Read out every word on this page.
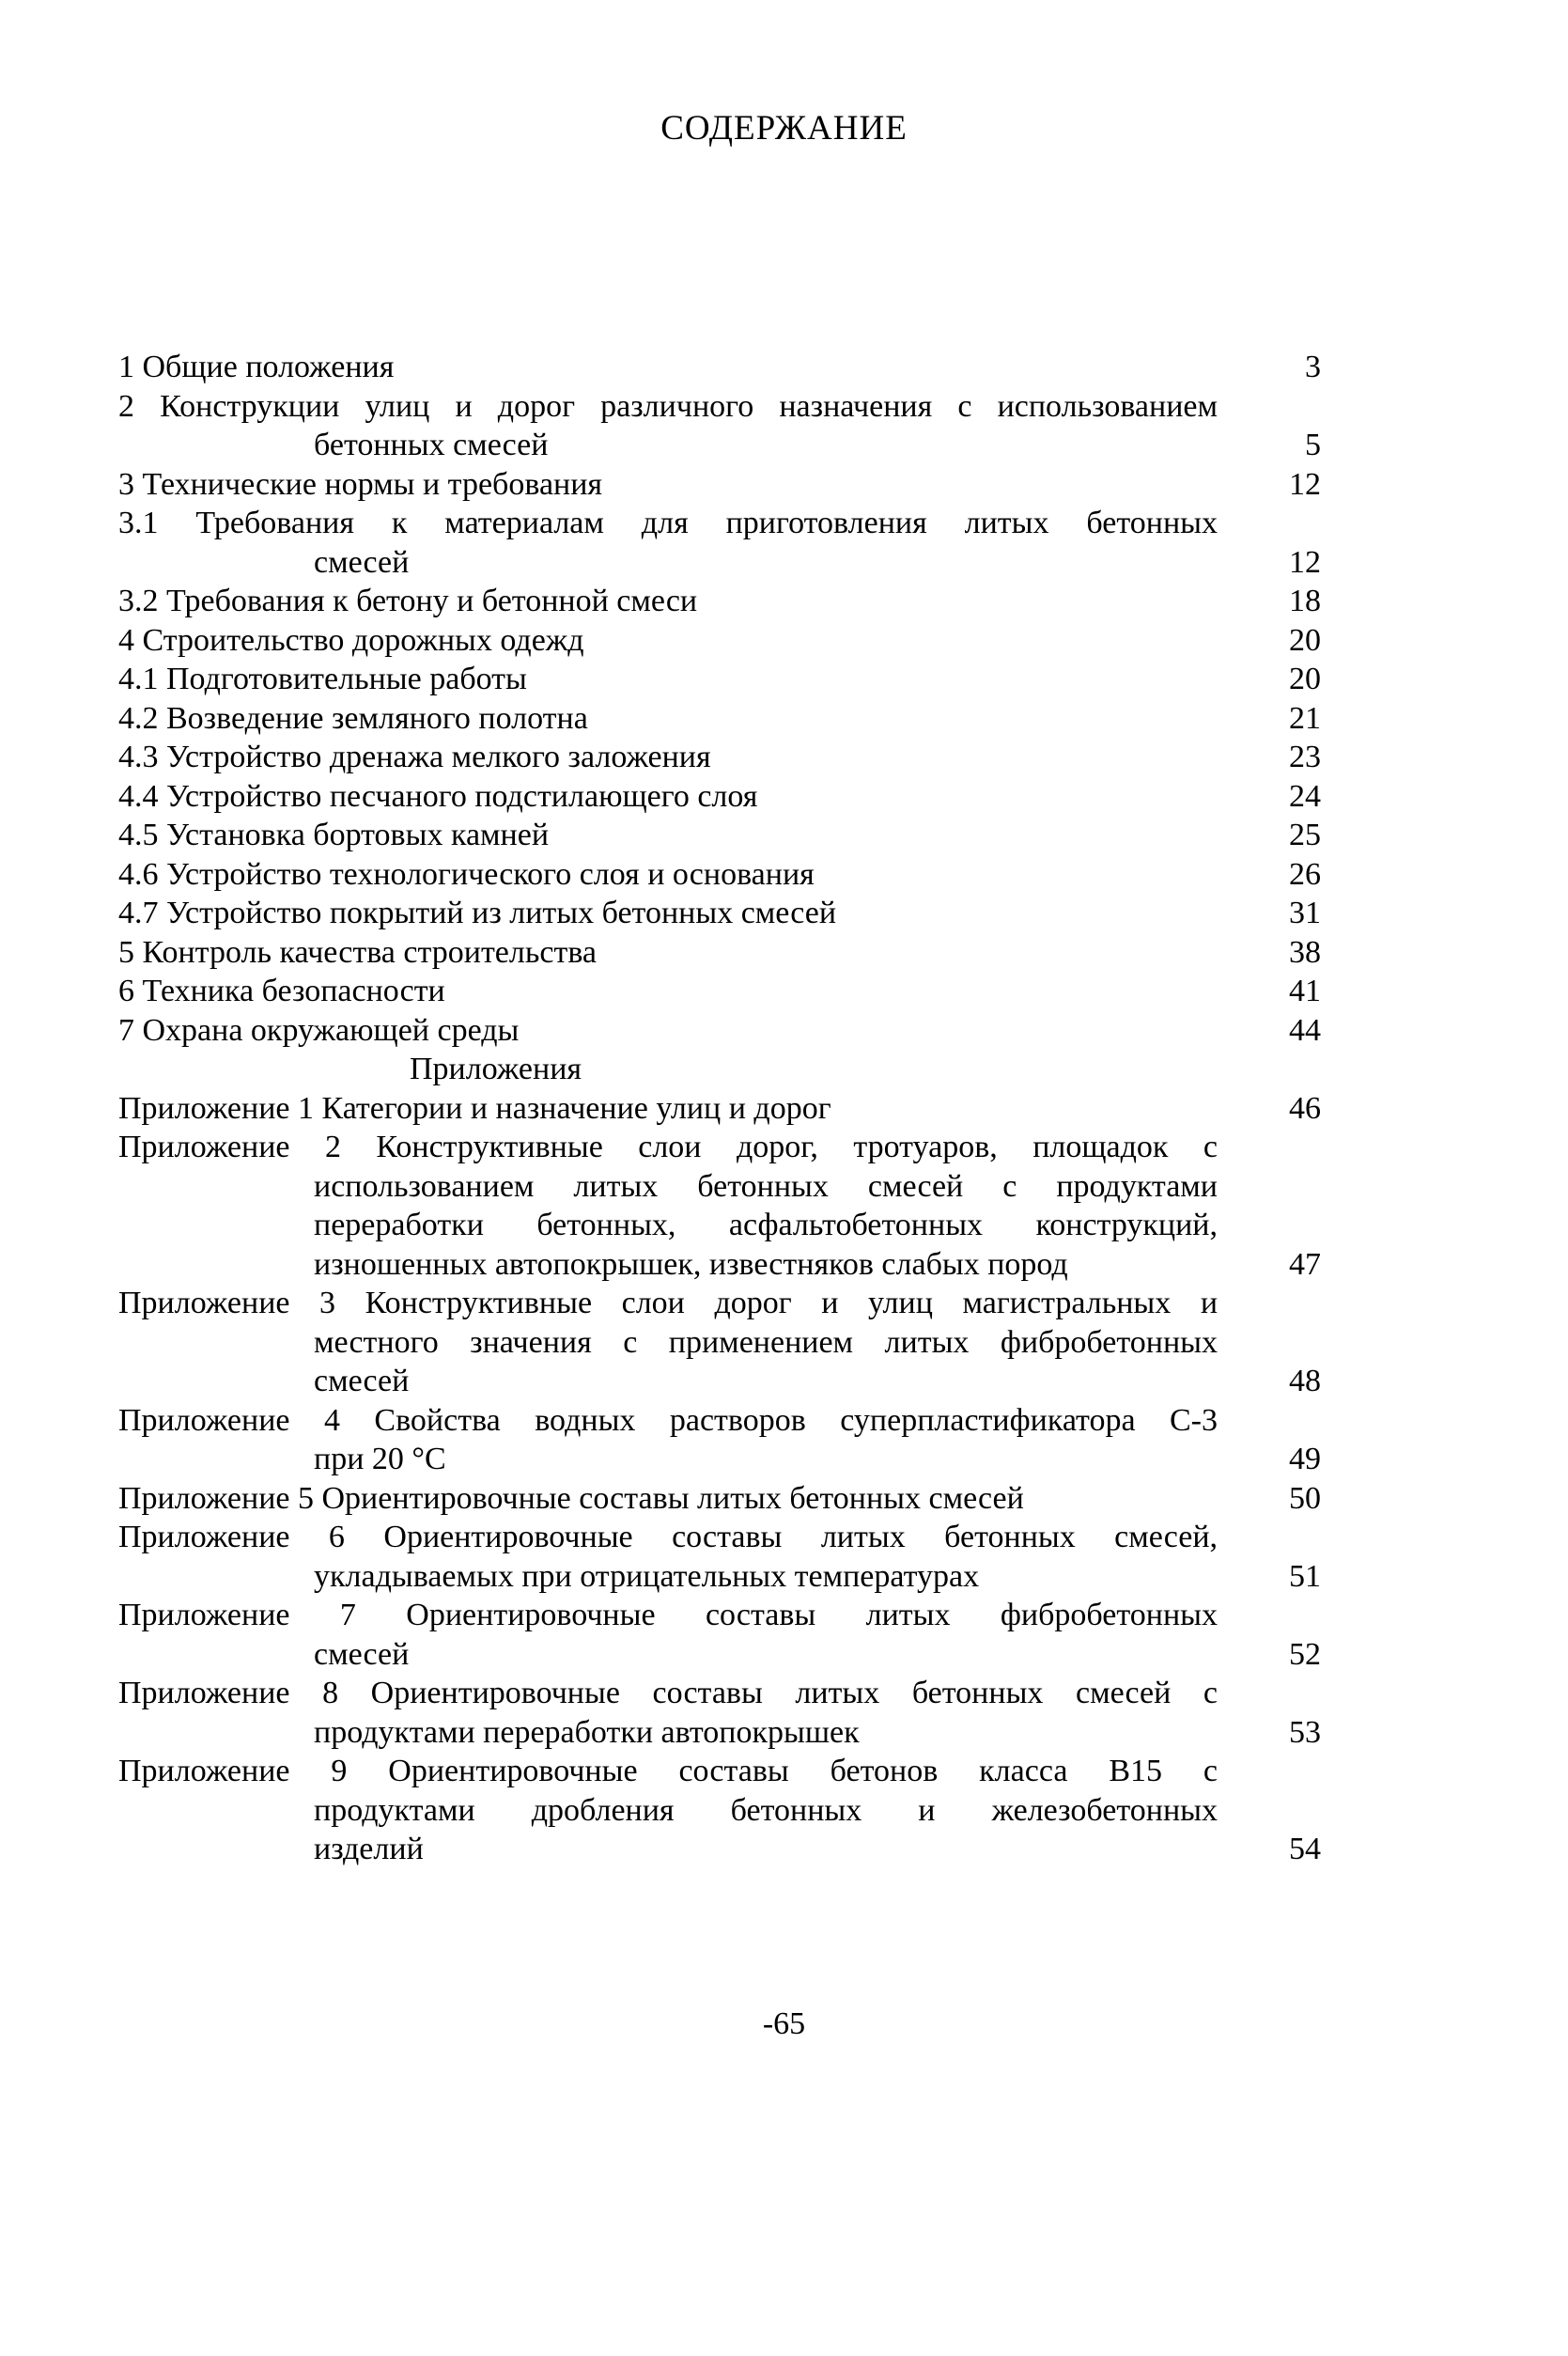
СОДЕРЖАНИЕ
1 Общие положения	3
2 Конструкции улиц и дорог различного назначения с использованием
бетонных смесей	5
3 Технические нормы и требования	12
3.1 Требования к материалам для приготовления литых бетонных
смесей	12
3.2 Требования к бетону и бетонной смеси	18
4 Строительство дорожных одежд	20
4.1 Подготовительные работы	20
4.2 Возведение земляного полотна	21
4.3 Устройство дренажа мелкого заложения	23
4.4 Устройство песчаного подстилающего слоя	24
4.5 Установка бортовых камней	25
4.6 Устройство технологического слоя и основания	26
4.7 Устройство покрытий из литых бетонных смесей	31
5 Контроль качества строительства	38
6 Техника безопасности	41
7 Охрана окружающей среды	44
Приложения
Приложение 1 Категории и назначение улиц и дорог	46
Приложение 2 Конструктивные слои дорог, тротуаров, площадок с
использованием литых бетонных смесей с продуктами
переработки бетонных, асфальтобетонных конструкций,
изношенных автопокрышек, известняков слабых пород	47
Приложение 3 Конструктивные слои дорог и улиц магистральных и
местного значения с применением литых фибробетонных
смесей	48
Приложение 4 Свойства водных растворов суперпластификатора С-3
при 20 °С	49
Приложение 5 Ориентировочные составы литых бетонных смесей	50
Приложение 6 Ориентировочные составы литых бетонных смесей,
укладываемых при отрицательных температурах	51
Приложение 7 Ориентировочные составы литых фибробетонных
смесей	52
Приложение 8 Ориентировочные составы литых бетонных смесей с
продуктами переработки автопокрышек	53
Приложение 9 Ориентировочные составы бетонов класса В15 с
продуктами дробления бетонных и железобетонных
изделий	54
-65
